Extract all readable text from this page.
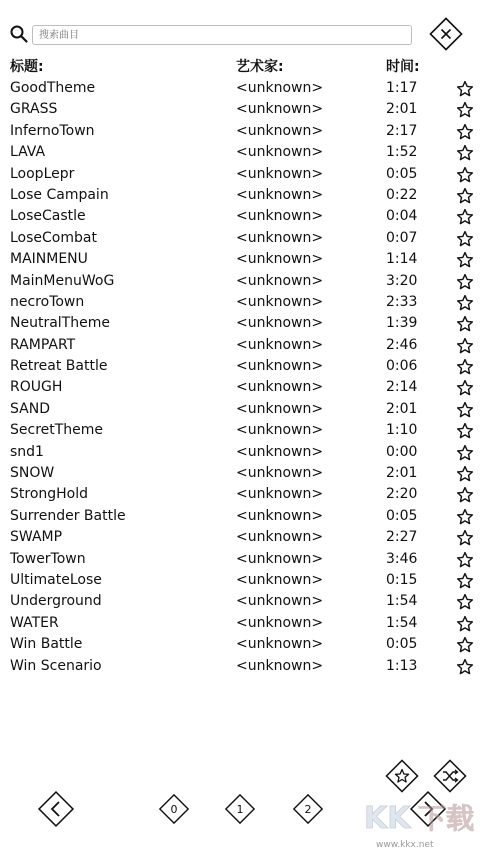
搜索曲目
标题:	艺术家:	时间:
GoodTheme	<unknown>	1:17
GRASS	<unknown>	2:01
InfernoTown	<unknown>	2:17
LAVA	<unknown>	1:52
LoopLepr	<unknown>	0:05
Lose Campain	<unknown>	0:22
LoseCastle	<unknown>	0:04
LoseCombat	<unknown>	0:07
MAINMENU	<unknown>	1:14
MainMenuWoG	<unknown>	3:20
necroTown	<unknown>	2:33
NeutralTheme	<unknown>	1:39
RAMPART	<unknown>	2:46
Retreat Battle	<unknown>	0:06
ROUGH	<unknown>	2:14
SAND	<unknown>	2:01
SecretTheme	<unknown>	1:10
snd1	<unknown>	0:00
SNOW	<unknown>	2:01
StrongHold	<unknown>	2:20
Surrender Battle	<unknown>	0:05
SWAMP	<unknown>	2:27
TowerTown	<unknown>	3:46
UltimateLose	<unknown>	0:15
Underground	<unknown>	1:54
WATER	<unknown>	1:54
Win Battle	<unknown>	0:05
Win Scenario	<unknown>	1:13
0	1	2	KK 下载
www.kkx.net
